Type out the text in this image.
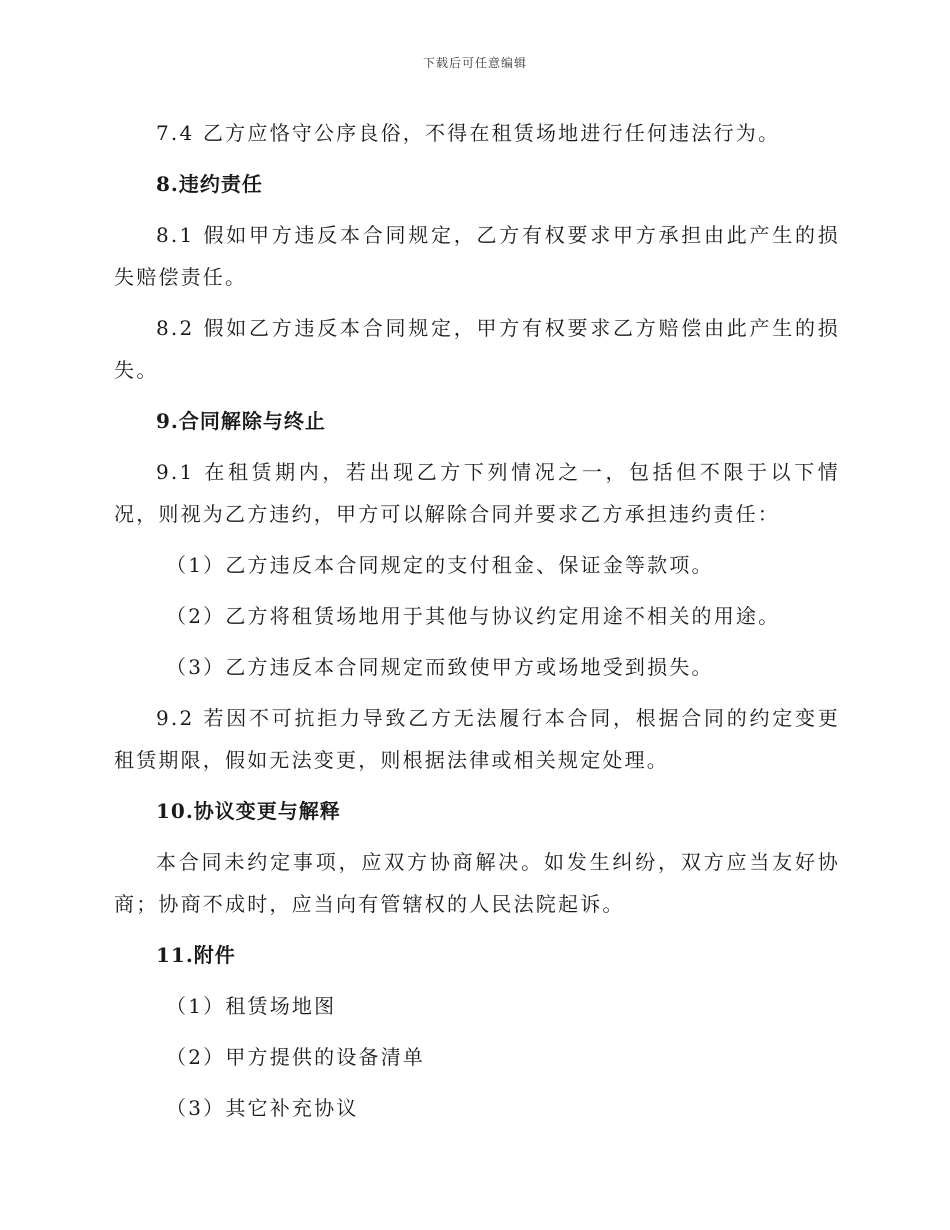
下载后可任意编辑

7.4 乙方应恪守公序良俗，不得在租赁场地进行任何违法行为。

8.违约责任

8.1 假如甲方违反本合同规定，乙方有权要求甲方承担由此产生的损失赔偿责任。

8.2 假如乙方违反本合同规定，甲方有权要求乙方赔偿由此产生的损失。

9.合同解除与终止

9.1 在租赁期内，若出现乙方下列情况之一，包括但不限于以下情况，则视为乙方违约，甲方可以解除合同并要求乙方承担违约责任：

（1）乙方违反本合同规定的支付租金、保证金等款项。

（2）乙方将租赁场地用于其他与协议约定用途不相关的用途。

（3）乙方违反本合同规定而致使甲方或场地受到损失。

9.2 若因不可抗拒力导致乙方无法履行本合同，根据合同的约定变更租赁期限，假如无法变更，则根据法律或相关规定处理。

10.协议变更与解释

本合同未约定事项，应双方协商解决。如发生纠纷，双方应当友好协商；协商不成时，应当向有管辖权的人民法院起诉。

11.附件

（1）租赁场地图

（2）甲方提供的设备清单

（3）其它补充协议
